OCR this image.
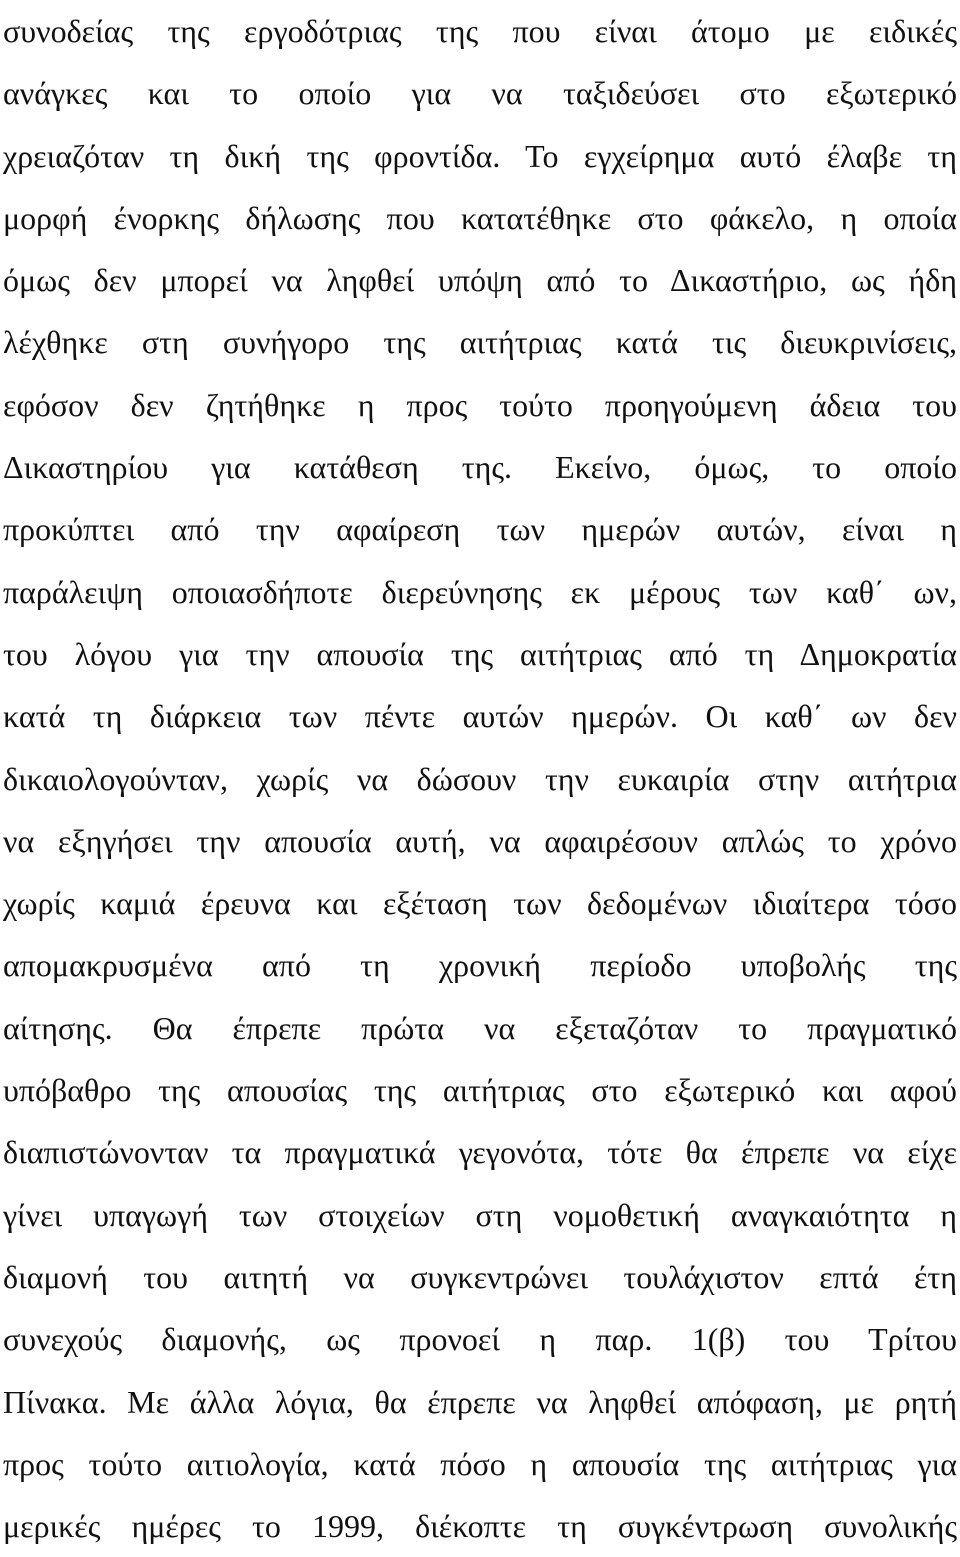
συνοδείας της εργοδότριας της που είναι άτομο με ειδικές
ανάγκες και το οποίο για να ταξιδεύσει στο εξωτερικό
χρειαζόταν τη δική της φροντίδα. Το εγχείρημα αυτό έλαβε τη
μορφή ένορκης δήλωσης που κατατέθηκε στο φάκελο, η οποία
όμως δεν μπορεί να ληφθεί υπόψη από το Δικαστήριο, ως ήδη
λέχθηκε στη συνήγορο της αιτήτριας κατά τις διευκρινίσεις,
εφόσον δεν ζητήθηκε η προς τούτο προηγούμενη άδεια του
Δικαστηρίου για κατάθεση της. Εκείνο, όμως, το οποίο
προκύπτει από την αφαίρεση των ημερών αυτών, είναι η
παράλειψη οποιασδήποτε διερεύνησης εκ μέρους των καθ΄ ων,
του λόγου για την απουσία της αιτήτριας από τη Δημοκρατία
κατά τη διάρκεια των πέντε αυτών ημερών. Οι καθ΄ ων δεν
δικαιολογούνταν, χωρίς να δώσουν την ευκαιρία στην αιτήτρια
να εξηγήσει την απουσία αυτή, να αφαιρέσουν απλώς το χρόνο
χωρίς καμιά έρευνα και εξέταση των δεδομένων ιδιαίτερα τόσο
απομακρυσμένα από τη χρονική περίοδο υποβολής της
αίτησης. Θα έπρεπε πρώτα να εξεταζόταν το πραγματικό
υπόβαθρο της απουσίας της αιτήτριας στο εξωτερικό και αφού
διαπιστώνονταν τα πραγματικά γεγονότα, τότε θα έπρεπε να είχε
γίνει υπαγωγή των στοιχείων στη νομοθετική αναγκαιότητα η
διαμονή του αιτητή να συγκεντρώνει τουλάχιστον επτά έτη
συνεχούς διαμονής, ως προνοεί η παρ. 1(β) του Τρίτου
Πίνακα. Με άλλα λόγια, θα έπρεπε να ληφθεί απόφαση, με ρητή
προς τούτο αιτιολογία, κατά πόσο η απουσία της αιτήτριας για
μερικές ημέρες το 1999, διέκοπτε τη συγκέντρωση συνολικής
